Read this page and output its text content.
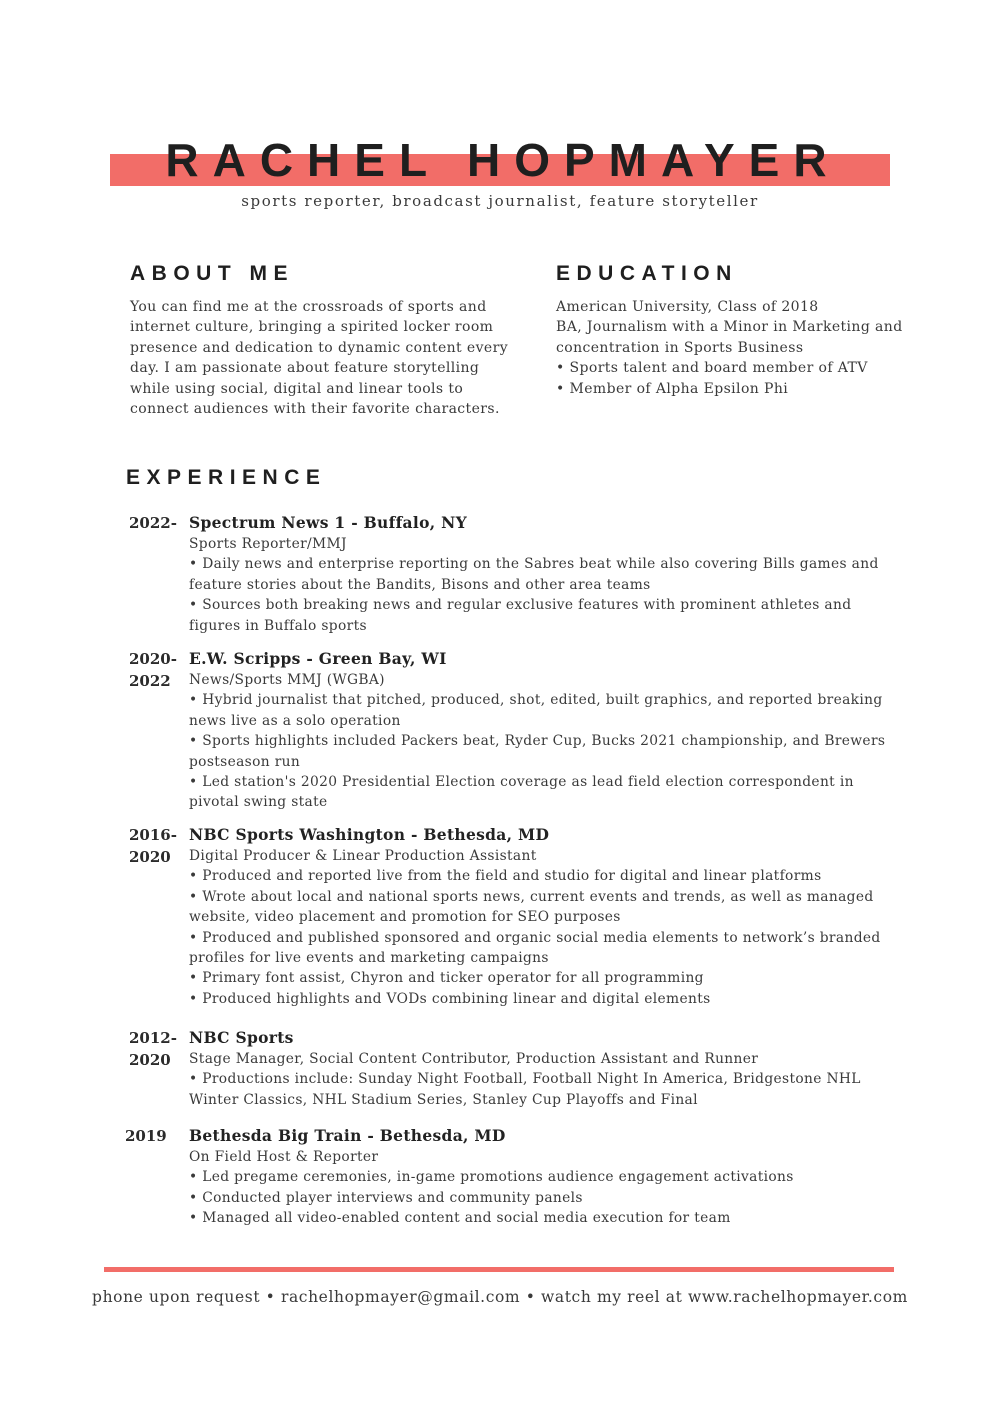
RACHEL HOPMAYER
sports reporter, broadcast journalist, feature storyteller
ABOUT ME
You can find me at the crossroads of sports and internet culture, bringing a spirited locker room presence and dedication to dynamic content every day. I am passionate about feature storytelling while using social, digital and linear tools to connect audiences with their favorite characters.
EDUCATION
American University, Class of 2018
BA, Journalism with a Minor in Marketing and
concentration in Sports Business
• Sports talent and board member of ATV
• Member of Alpha Epsilon Phi
EXPERIENCE
2022- Spectrum News 1 - Buffalo, NY
Sports Reporter/MMJ
• Daily news and enterprise reporting on the Sabres beat while also covering Bills games and feature stories about the Bandits, Bisons and other area teams
• Sources both breaking news and regular exclusive features with prominent athletes and figures in Buffalo sports
2020-
2022
E.W. Scripps - Green Bay, WI
News/Sports MMJ (WGBA)
• Hybrid journalist that pitched, produced, shot, edited, built graphics, and reported breaking news live as a solo operation
• Sports highlights included Packers beat, Ryder Cup, Bucks 2021 championship, and Brewers postseason run
• Led station's 2020 Presidential Election coverage as lead field election correspondent in pivotal swing state
2016-
2020
NBC Sports Washington - Bethesda, MD
Digital Producer & Linear Production Assistant
• Produced and reported live from the field and studio for digital and linear platforms
• Wrote about local and national sports news, current events and trends, as well as managed website, video placement and promotion for SEO purposes
• Produced and published sponsored and organic social media elements to network’s branded profiles for live events and marketing campaigns
• Primary font assist, Chyron and ticker operator for all programming
• Produced highlights and VODs combining linear and digital elements
2012-
2020
NBC Sports
Stage Manager, Social Content Contributor, Production Assistant and Runner
• Productions include: Sunday Night Football, Football Night In America, Bridgestone NHL Winter Classics, NHL Stadium Series, Stanley Cup Playoffs and Final
2019	Bethesda Big Train - Bethesda, MD
On Field Host & Reporter
• Led pregame ceremonies, in-game promotions audience engagement activations
• Conducted player interviews and community panels
• Managed all video-enabled content and social media execution for team
phone upon request • rachelhopmayer@gmail.com • watch my reel at www.rachelhopmayer.com
